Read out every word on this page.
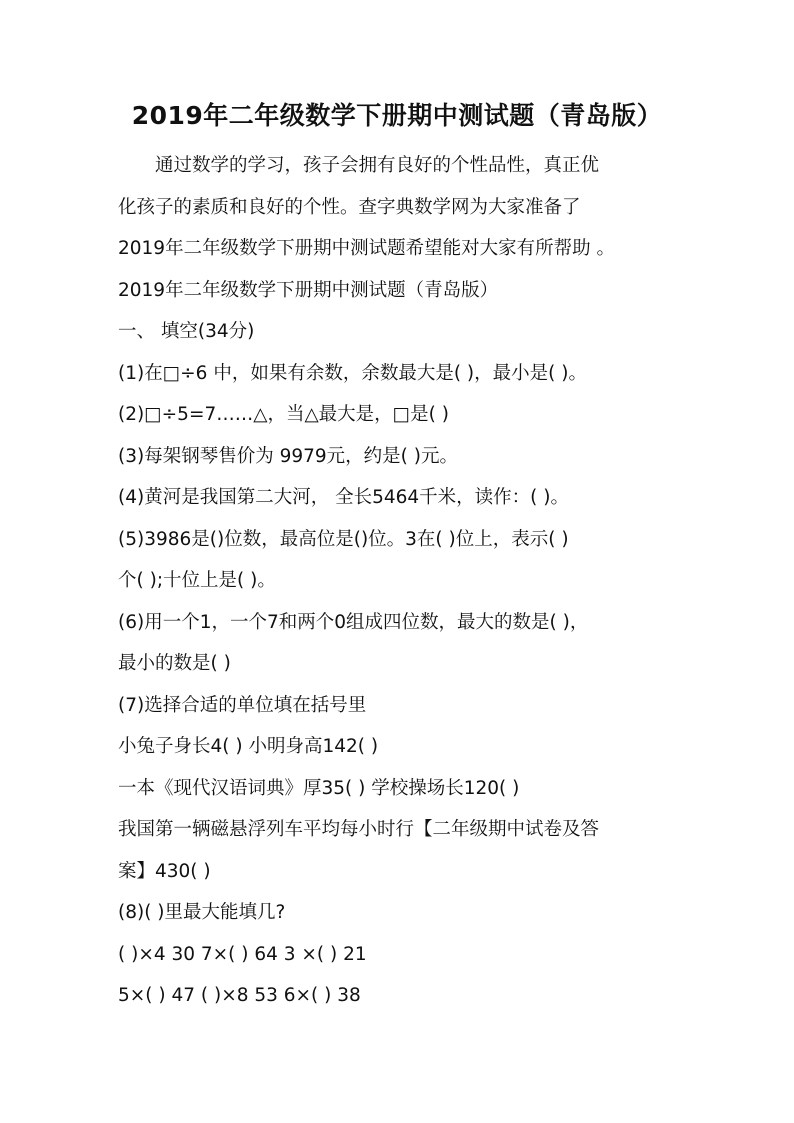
2019年二年级数学下册期中测试题（青岛版）
通过数学的学习，孩子会拥有良好的个性品性，真正优
化孩子的素质和良好的个性。查字典数学网为大家准备了
2019年二年级数学下册期中测试题希望能对大家有所帮助 。
2019年二年级数学下册期中测试题（青岛版）
一、 填空(34分)
(1)在□÷6 中，如果有余数，余数最大是( )，最小是( )。
(2)□÷5=7……△，当△最大是，□是( )
(3)每架钢琴售价为 9979元，约是( )元。
(4)黄河是我国第二大河， 全长5464千米，读作：( )。
(5)3986是()位数，最高位是()位。3在( )位上，表示( )
个( );十位上是( )。
(6)用一个1，一个7和两个0组成四位数，最大的数是( )，
最小的数是( )
(7)选择合适的单位填在括号里
小兔子身长4( ) 小明身高142( )
一本《现代汉语词典》厚35( ) 学校操场长120( )
我国第一辆磁悬浮列车平均每小时行【二年级期中试卷及答
案】430( )
(8)( )里最大能填几?
( )×4 30 7×( ) 64 3 ×( ) 21
5×( ) 47 ( )×8 53 6×( ) 38
